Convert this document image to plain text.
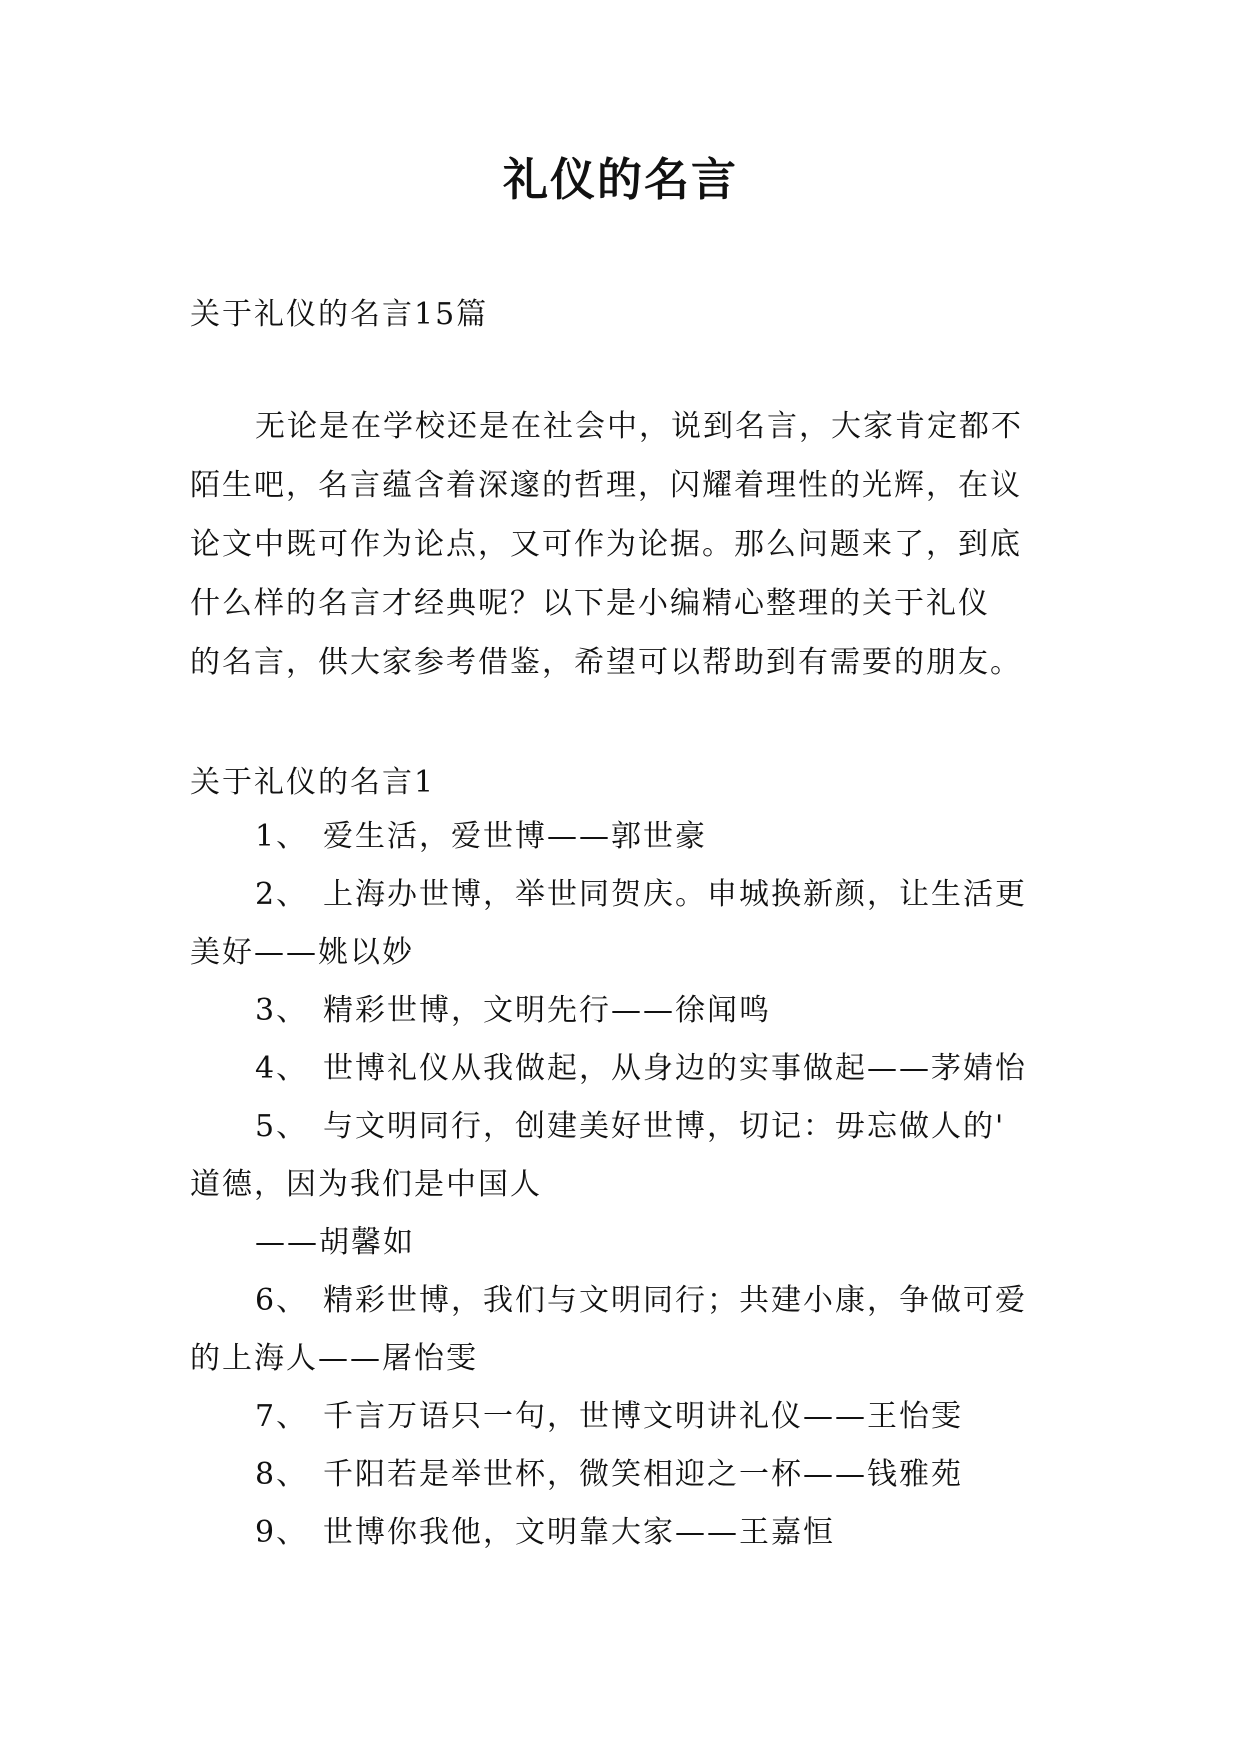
礼仪的名言
关于礼仪的名言15篇
无论是在学校还是在社会中，说到名言，大家肯定都不
陌生吧，名言蕴含着深邃的哲理，闪耀着理性的光辉，在议
论文中既可作为论点，又可作为论据。那么问题来了，到底
什么样的名言才经典呢？以下是小编精心整理的关于礼仪
的名言，供大家参考借鉴，希望可以帮助到有需要的朋友。
关于礼仪的名言1
1、 爱生活，爱世博——郭世豪
2、 上海办世博，举世同贺庆。申城换新颜，让生活更
美好——姚以妙
3、 精彩世博，文明先行——徐闻鸣
4、 世博礼仪从我做起，从身边的实事做起——茅婧怡
5、 与文明同行，创建美好世博，切记：毋忘做人的'
道德，因为我们是中国人
——胡馨如
6、 精彩世博，我们与文明同行；共建小康，争做可爱
的上海人——屠怡雯
7、 千言万语只一句，世博文明讲礼仪——王怡雯
8、 千阳若是举世杯，微笑相迎之一杯——钱雅苑
9、 世博你我他，文明靠大家——王嘉恒
